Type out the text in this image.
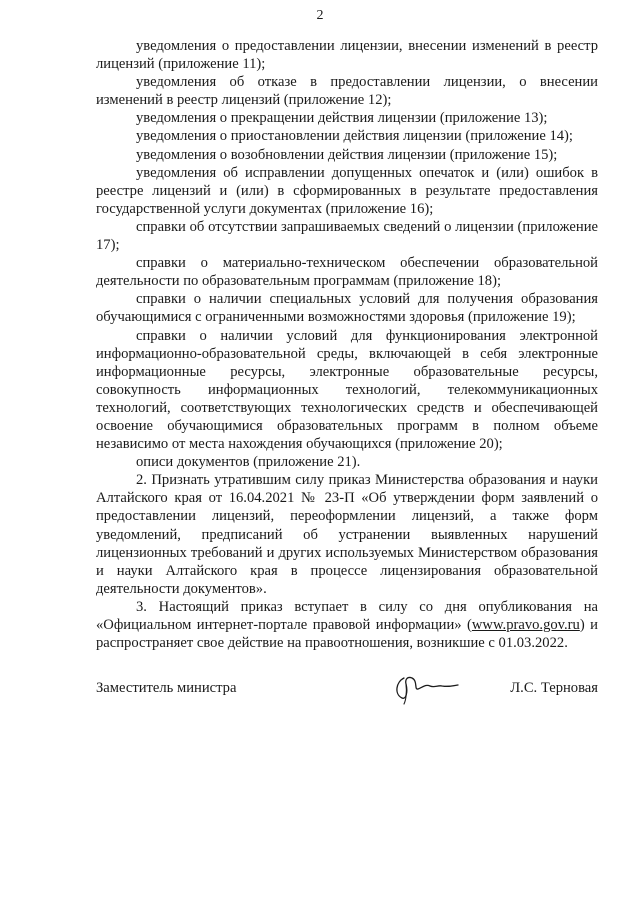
2

уведомления о предоставлении лицензии, внесении изменений в реестр лицензий (приложение 11);

уведомления об отказе в предоставлении лицензии, о внесении изменений в реестр лицензий (приложение 12);

уведомления о прекращении действия лицензии (приложение 13);

уведомления о приостановлении действия лицензии (приложение 14);

уведомления о возобновлении действия лицензии (приложение 15);

уведомления об исправлении допущенных опечаток и (или) ошибок в реестре лицензий и (или) в сформированных в результате предоставления государственной услуги документах (приложение 16);

справки об отсутствии запрашиваемых сведений о лицензии (приложение 17);

справки о материально-техническом обеспечении образовательной деятельности по образовательным программам (приложение 18);

справки о наличии специальных условий для получения образования обучающимися с ограниченными возможностями здоровья (приложение 19);

справки о наличии условий для функционирования электронной информационно-образовательной среды, включающей в себя электронные информационные ресурсы, электронные образовательные ресурсы, совокупность информационных технологий, телекоммуникационных технологий, соответствующих технологических средств и обеспечивающей освоение обучающимися образовательных программ в полном объеме независимо от места нахождения обучающихся (приложение 20);

описи документов (приложение 21).

2. Признать утратившим силу приказ Министерства образования и науки Алтайского края от 16.04.2021 № 23-П «Об утверждении форм заявлений о предоставлении лицензий, переоформлении лицензий, а также форм уведомлений, предписаний об устранении выявленных нарушений лицензионных требований и других используемых Министерством образования и науки Алтайского края в процессе лицензирования образовательной деятельности документов».

3. Настоящий приказ вступает в силу со дня опубликования на «Официальном интернет-портале правовой информации» (www.pravo.gov.ru) и распространяет свое действие на правоотношения, возникшие с 01.03.2022.

Заместитель министра	Л.С. Терновая
